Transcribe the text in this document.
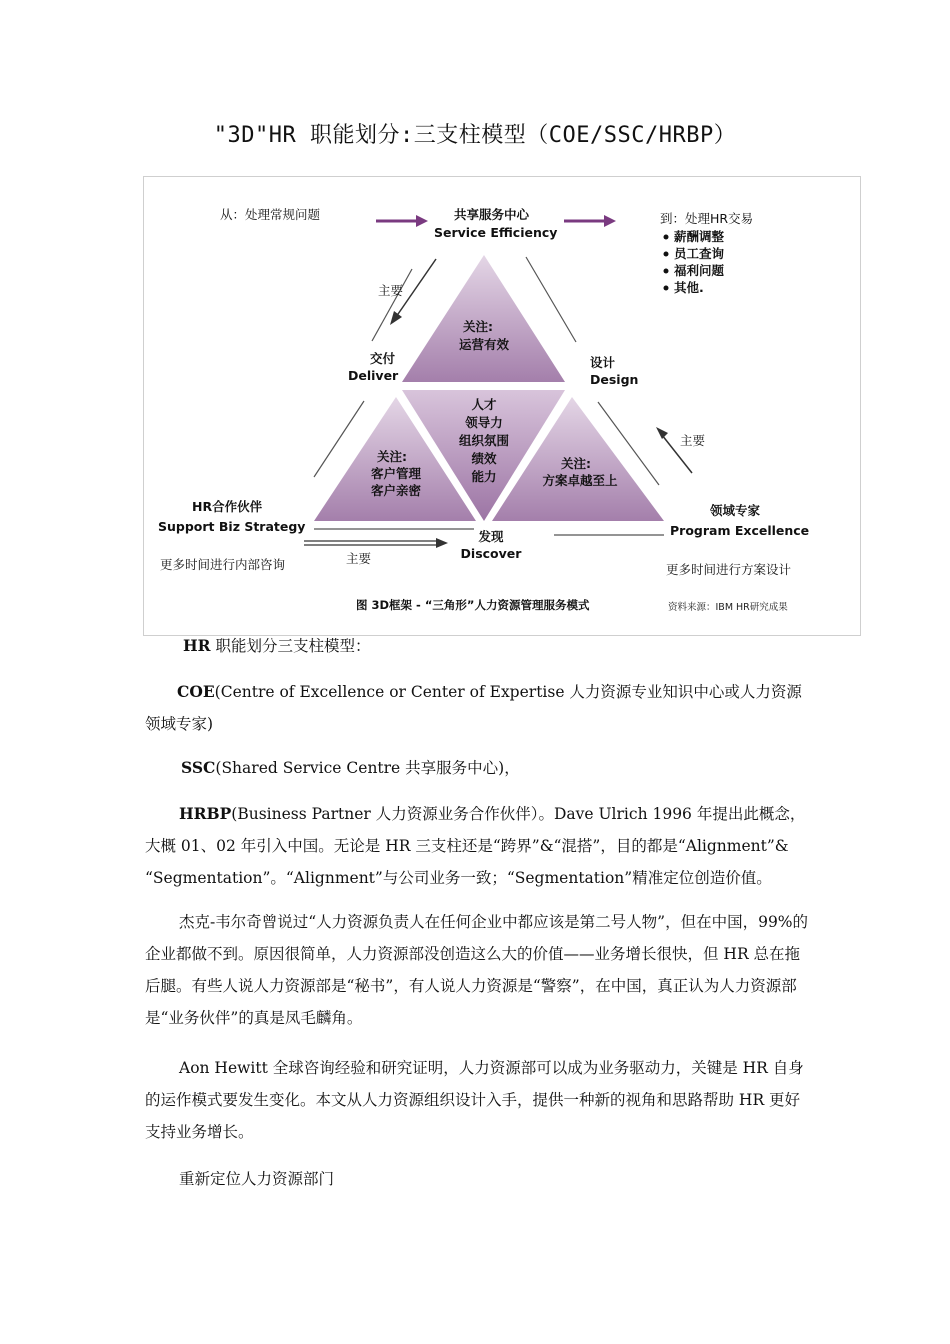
"3D"HR 职能划分:三支柱模型（COE/SSC/HRBP）
从：处理常规问题	共享服务中心
Service Efficiency
到：处理HR交易
薪酬调整
员工查询
福利问题
其他.
主要
主要
主要
交付
Deliver
设计
Design
关注:
运营有效
人才
领导力
组织氛围
绩效
能力
关注:
客户管理
客户亲密
关注:
方案卓越至上
HR合作伙伴
Support Biz Strategy
领域专家
Program Excellence
发现
Discover
更多时间进行内部咨询	更多时间进行方案设计
图 3D框架 - “三角形”人力资源管理服务模式	资料来源：IBM HR研究成果
HR 职能划分三支柱模型：
COE(Centre of Excellence or Center of Expertise 人力资源专业知识中心或人力资源领域专家)
SSC(Shared Service Centre 共享服务中心)，
HRBP(Business Partner 人力资源业务合作伙伴）。Dave Ulrich 1996 年提出此概念，大概 01、02 年引入中国。无论是 HR 三支柱还是“跨界”&“混搭”，目的都是“Alignment”& “Segmentation”。“Alignment”与公司业务一致；“Segmentation”精准定位创造价值。
杰克-韦尔奇曾说过“人力资源负责人在任何企业中都应该是第二号人物”，但在中国，99%的企业都做不到。原因很简单，人力资源部没创造这么大的价值——业务增长很快，但 HR 总在拖后腿。有些人说人力资源部是“秘书”，有人说人力资源是“警察”，在中国，真正认为人力资源部是“业务伙伴”的真是凤毛麟角。
Aon Hewitt 全球咨询经验和研究证明，人力资源部可以成为业务驱动力，关键是 HR 自身的运作模式要发生变化。本文从人力资源组织设计入手，提供一种新的视角和思路帮助 HR 更好支持业务增长。
重新定位人力资源部门
